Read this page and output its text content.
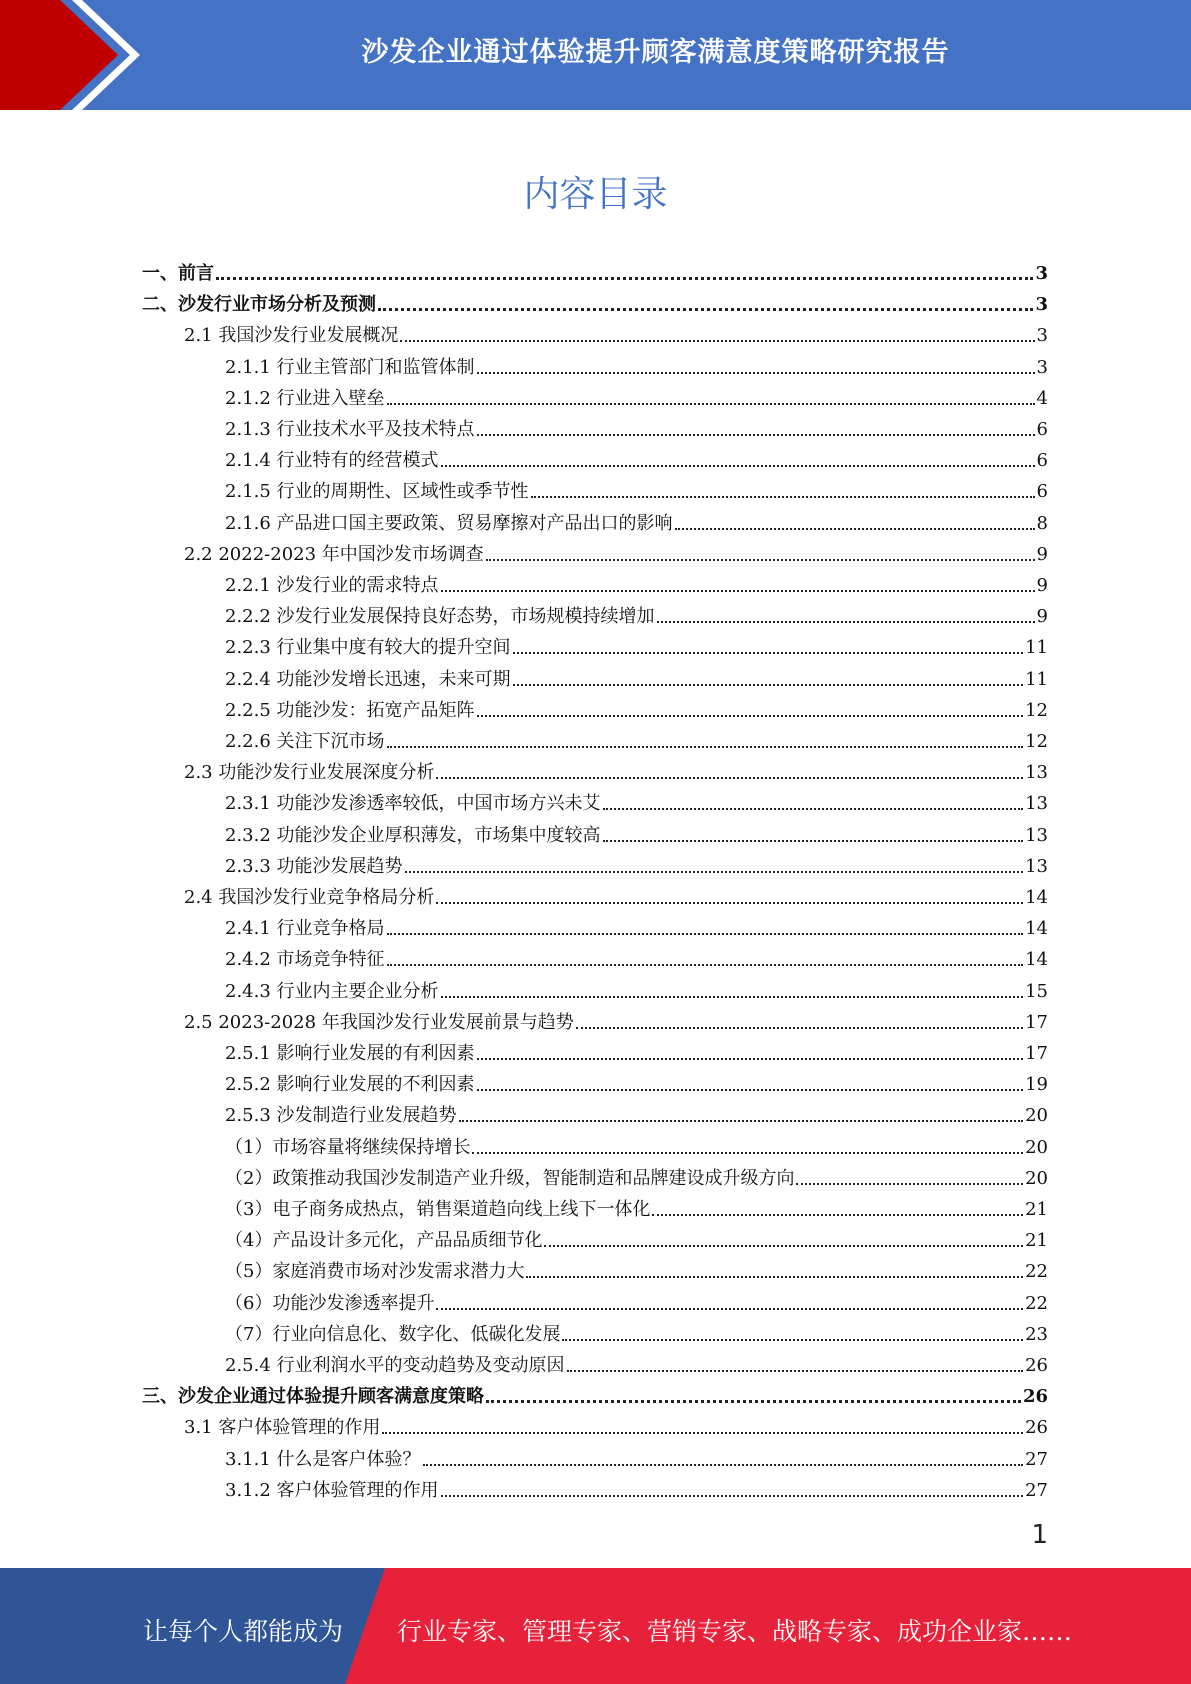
沙发企业通过体验提升顾客满意度策略研究报告
内容目录
一、前言	3
二、沙发行业市场分析及预测	3
2.1 我国沙发行业发展概况	3
2.1.1 行业主管部门和监管体制	3
2.1.2 行业进入壁垒	4
2.1.3 行业技术水平及技术特点	6
2.1.4 行业特有的经营模式	6
2.1.5 行业的周期性、区域性或季节性	6
2.1.6 产品进口国主要政策、贸易摩擦对产品出口的影响	8
2.2 2022-2023 年中国沙发市场调查	9
2.2.1 沙发行业的需求特点	9
2.2.2 沙发行业发展保持良好态势，市场规模持续增加	9
2.2.3 行业集中度有较大的提升空间	11
2.2.4 功能沙发增长迅速，未来可期	11
2.2.5 功能沙发：拓宽产品矩阵	12
2.2.6 关注下沉市场	12
2.3 功能沙发行业发展深度分析	13
2.3.1 功能沙发渗透率较低，中国市场方兴未艾	13
2.3.2 功能沙发企业厚积薄发，市场集中度较高	13
2.3.3 功能沙发展趋势	13
2.4 我国沙发行业竞争格局分析	14
2.4.1 行业竞争格局	14
2.4.2 市场竞争特征	14
2.4.3 行业内主要企业分析	15
2.5 2023-2028 年我国沙发行业发展前景与趋势	17
2.5.1 影响行业发展的有利因素	17
2.5.2 影响行业发展的不利因素	19
2.5.3 沙发制造行业发展趋势	20
（1）市场容量将继续保持增长	20
（2）政策推动我国沙发制造产业升级，智能制造和品牌建设成升级方向	20
（3）电子商务成热点，销售渠道趋向线上线下一体化	21
（4）产品设计多元化，产品品质细节化	21
（5）家庭消费市场对沙发需求潜力大	22
（6）功能沙发渗透率提升	22
（7）行业向信息化、数字化、低碳化发展	23
2.5.4 行业利润水平的变动趋势及变动原因	26
三、沙发企业通过体验提升顾客满意度策略	26
3.1 客户体验管理的作用	26
3.1.1 什么是客户体验？	27
3.1.2 客户体验管理的作用	27
1
让每个人都能成为 行业专家、管理专家、营销专家、战略专家、成功企业家……
